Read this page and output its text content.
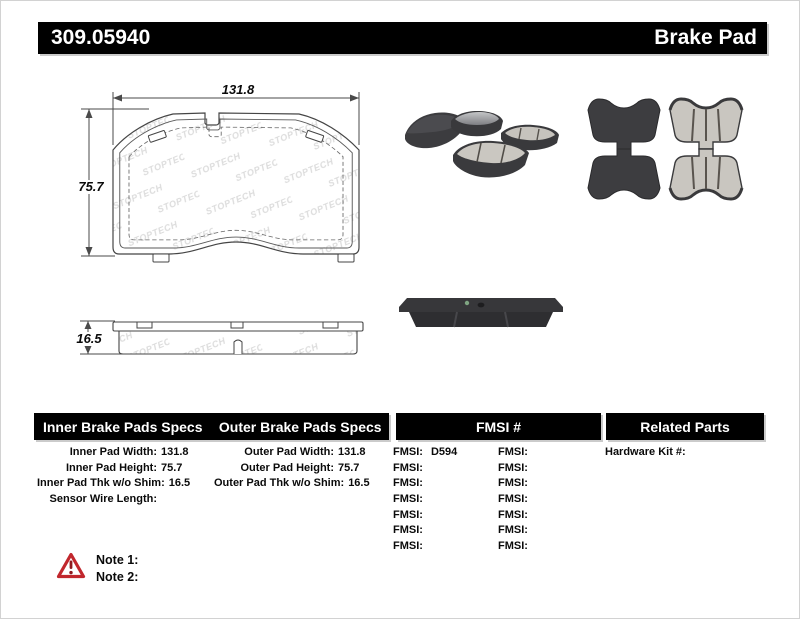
309.05940	Brake Pad
131.8
75.7
16.5
Inner Brake Pads Specs	Outer Brake Pads Specs	FMSI #	Related Parts
Inner Pad Width: 131.8
Inner Pad Height: 75.7
Inner Pad Thk w/o Shim: 16.5
Sensor Wire Length:
Outer Pad Width: 131.8
Outer Pad Height: 75.7
Outer Pad Thk w/o Shim: 16.5
FMSI: D594
FMSI:
FMSI:
FMSI:
FMSI:
FMSI:
FMSI:
FMSI:
FMSI:
FMSI:
FMSI:
FMSI:
FMSI:
FMSI:
Hardware Kit #:
Note 1:
Note 2:
